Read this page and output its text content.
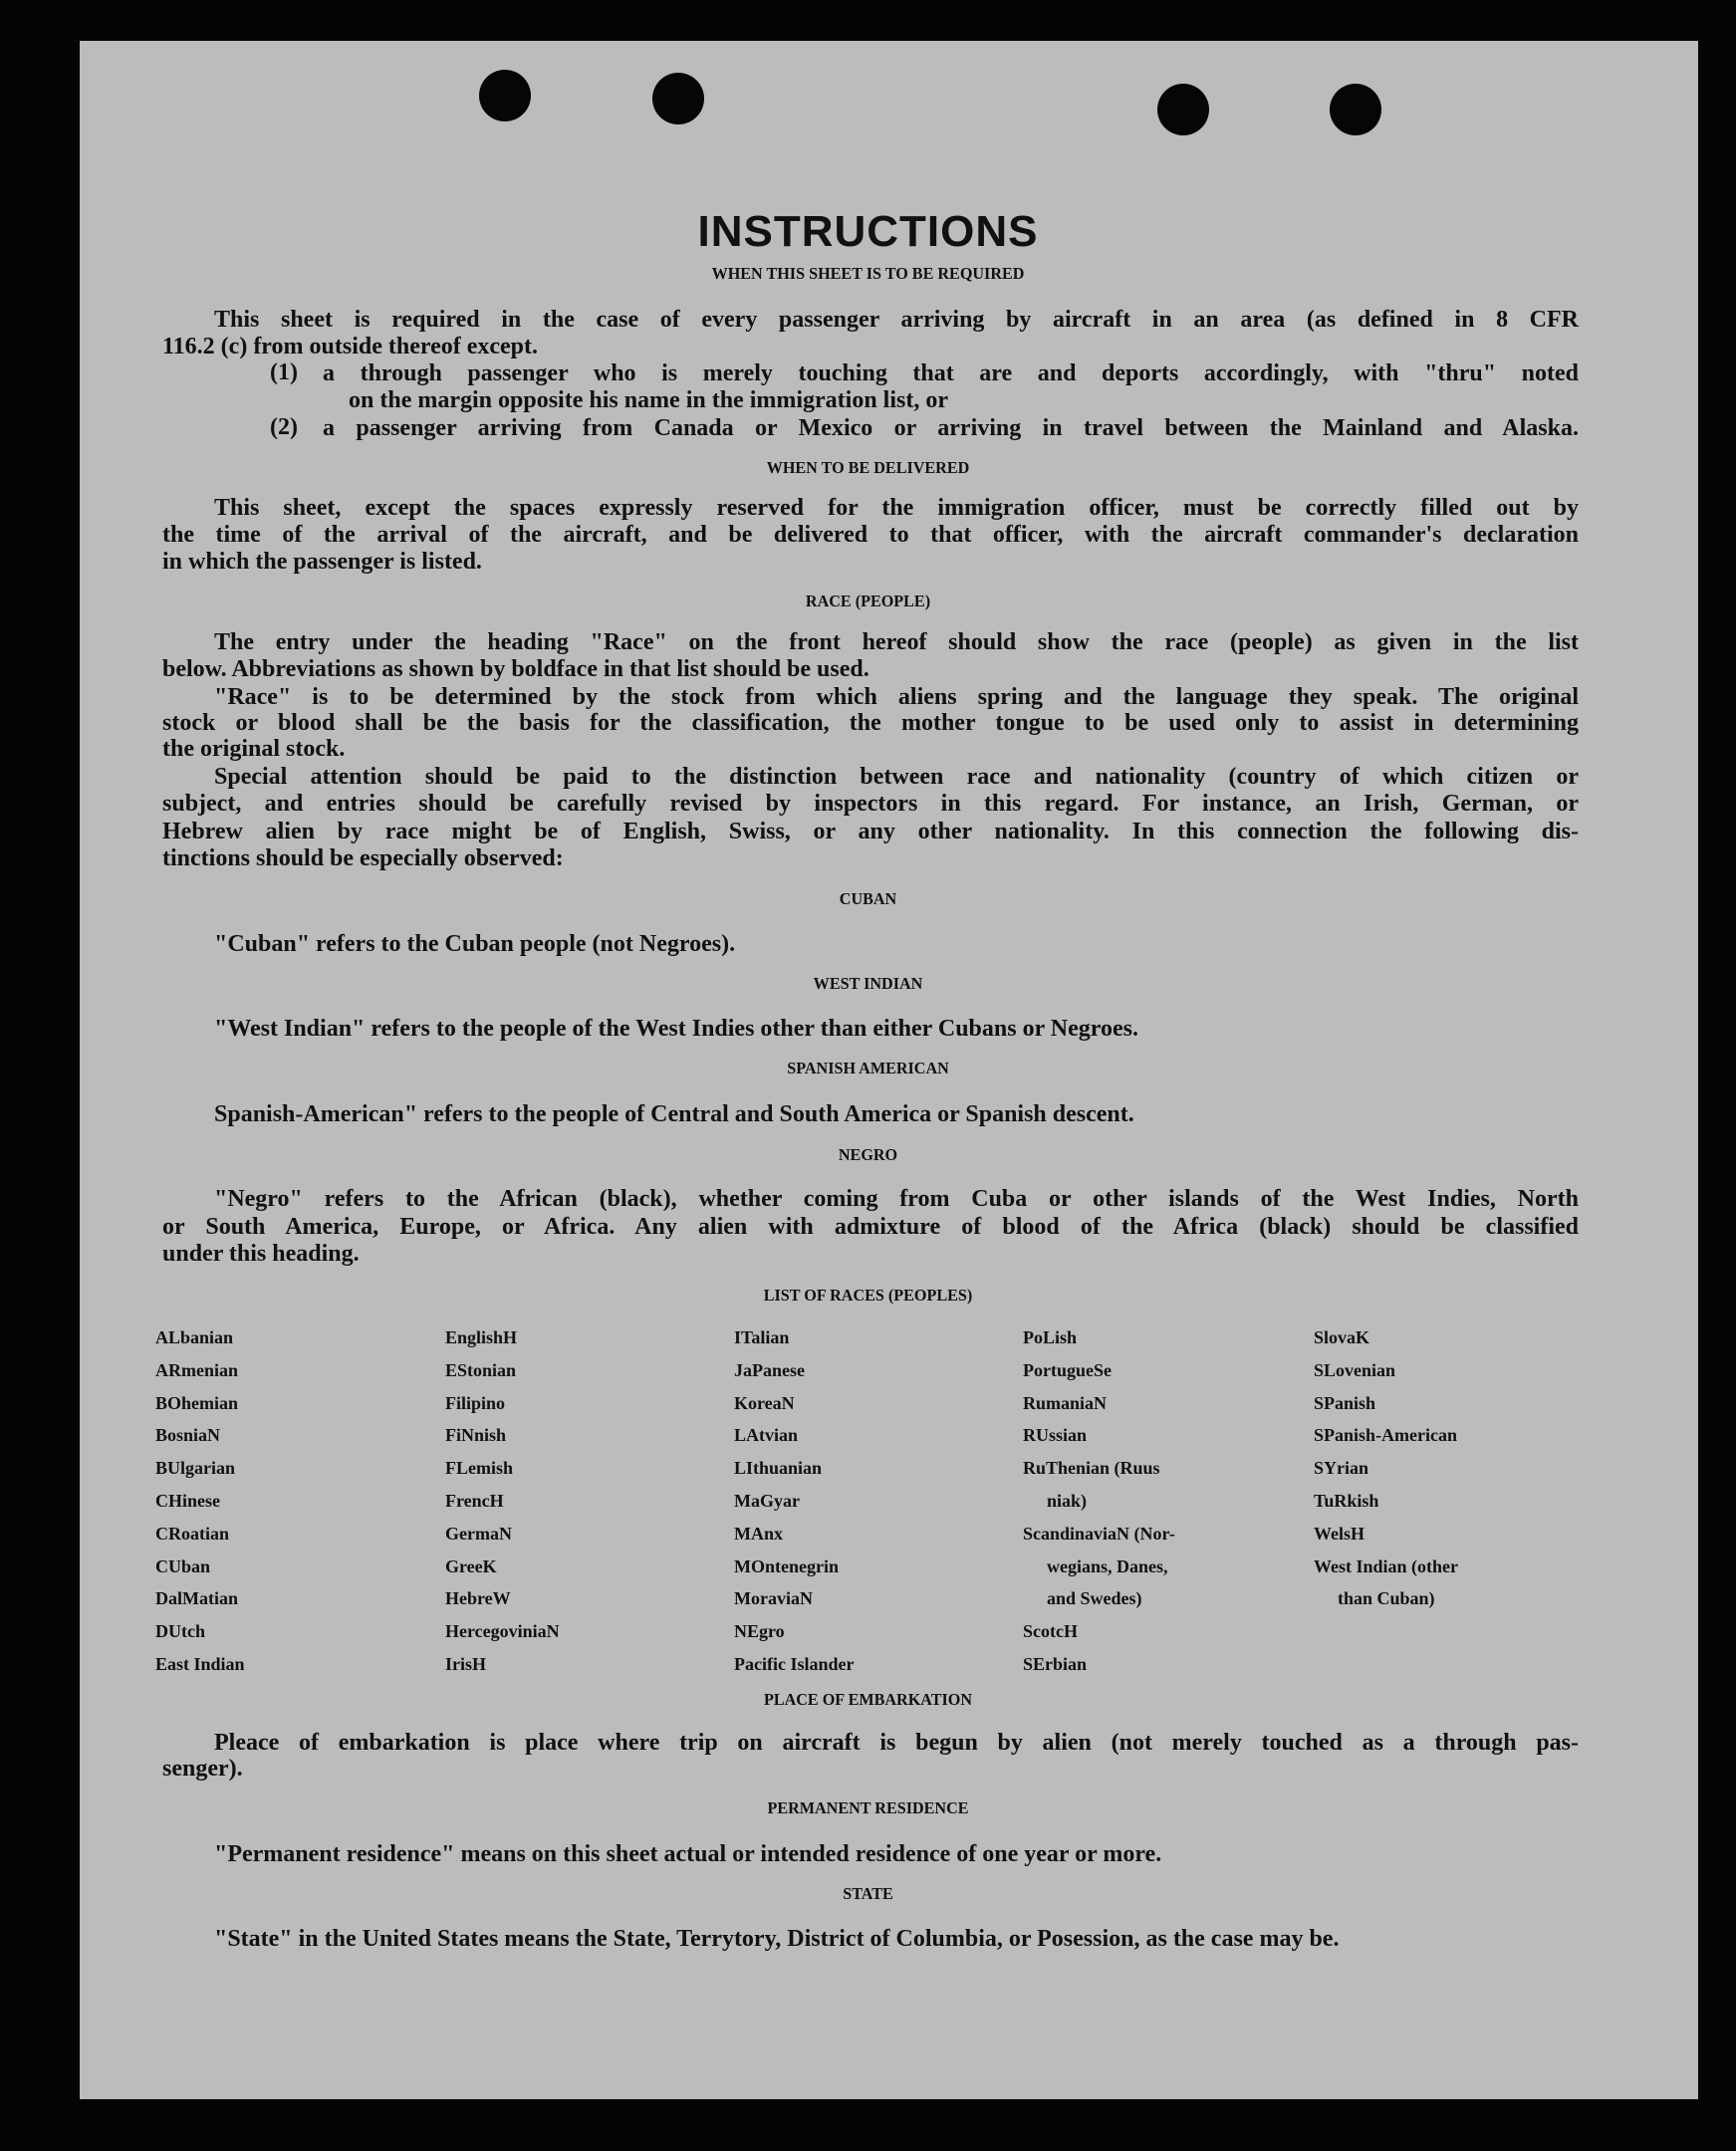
INSTRUCTIONS
WHEN THIS SHEET IS TO BE REQUIRED
This sheet is required in the case of every passenger arriving by aircraft in an area (as defined in 8 CFR
116.2 (c) from outside thereof except.
(1) a through passenger who is merely touching that are and deports accordingly, with "thru" noted
on the margin opposite his name in the immigration list, or
(2) a passenger arriving from Canada or Mexico or arriving in travel between the Mainland and Alaska.
WHEN TO BE DELIVERED
This sheet, except the spaces expressly reserved for the immigration officer, must be correctly filled out by
the time of the arrival of the aircraft, and be delivered to that officer, with the aircraft commander's declaration
in which the passenger is listed.
RACE (PEOPLE)
The entry under the heading "Race" on the front hereof should show the race (people) as given in the list
below. Abbreviations as shown by boldface in that list should be used.
"Race" is to be determined by the stock from which aliens spring and the language they speak. The original
stock or blood shall be the basis for the classification, the mother tongue to be used only to assist in determining
the original stock.
Special attention should be paid to the distinction between race and nationality (country of which citizen or
subject, and entries should be carefully revised by inspectors in this regard. For instance, an Irish, German, or
Hebrew alien by race might be of English, Swiss, or any other nationality. In this connection the following dis-
tinctions should be especially observed:
CUBAN
"Cuban" refers to the Cuban people (not Negroes).
WEST INDIAN
"West Indian" refers to the people of the West Indies other than either Cubans or Negroes.
SPANISH AMERICAN
Spanish-American" refers to the people of Central and South America or Spanish descent.
NEGRO
"Negro" refers to the African (black), whether coming from Cuba or other islands of the West Indies, North
or South America, Europe, or Africa. Any alien with admixture of blood of the Africa (black) should be classified
under this heading.
LIST OF RACES (PEOPLES)
ALbanian
ARmenian
BOhemian
BosniaN
BUlgarian
CHinese
CRoatian
CUban
DalMatian
DUtch
East Indian
EnglishH
EStonian
Filipino
FiNnish
FLemish
FrencH
GermaN
GreeK
HebreW
HercegoviniaN
IrisH
ITalian
JaPanese
KoreaN
LAtvian
LIthuanian
MaGyar
MAnx
MOntenegrin
MoraviaN
NEgro
Pacific Islander
PoLish
PortugueSe
RumaniaN
RUssian
RuThenian (Ruus
niak)
ScandinaviaN (Nor-
wegians, Danes,
and Swedes)
ScotcH
SErbian
SlovaK
SLovenian
SPanish
SPanish-American
SYrian
TuRkish
WelsH
West Indian (other
than Cuban)
PLACE OF EMBARKATION
Pleace of embarkation is place where trip on aircraft is begun by alien (not merely touched as a through pas-
senger).
PERMANENT RESIDENCE
"Permanent residence" means on this sheet actual or intended residence of one year or more.
STATE
"State" in the United States means the State, Terrytory, District of Columbia, or Posession, as the case may be.
